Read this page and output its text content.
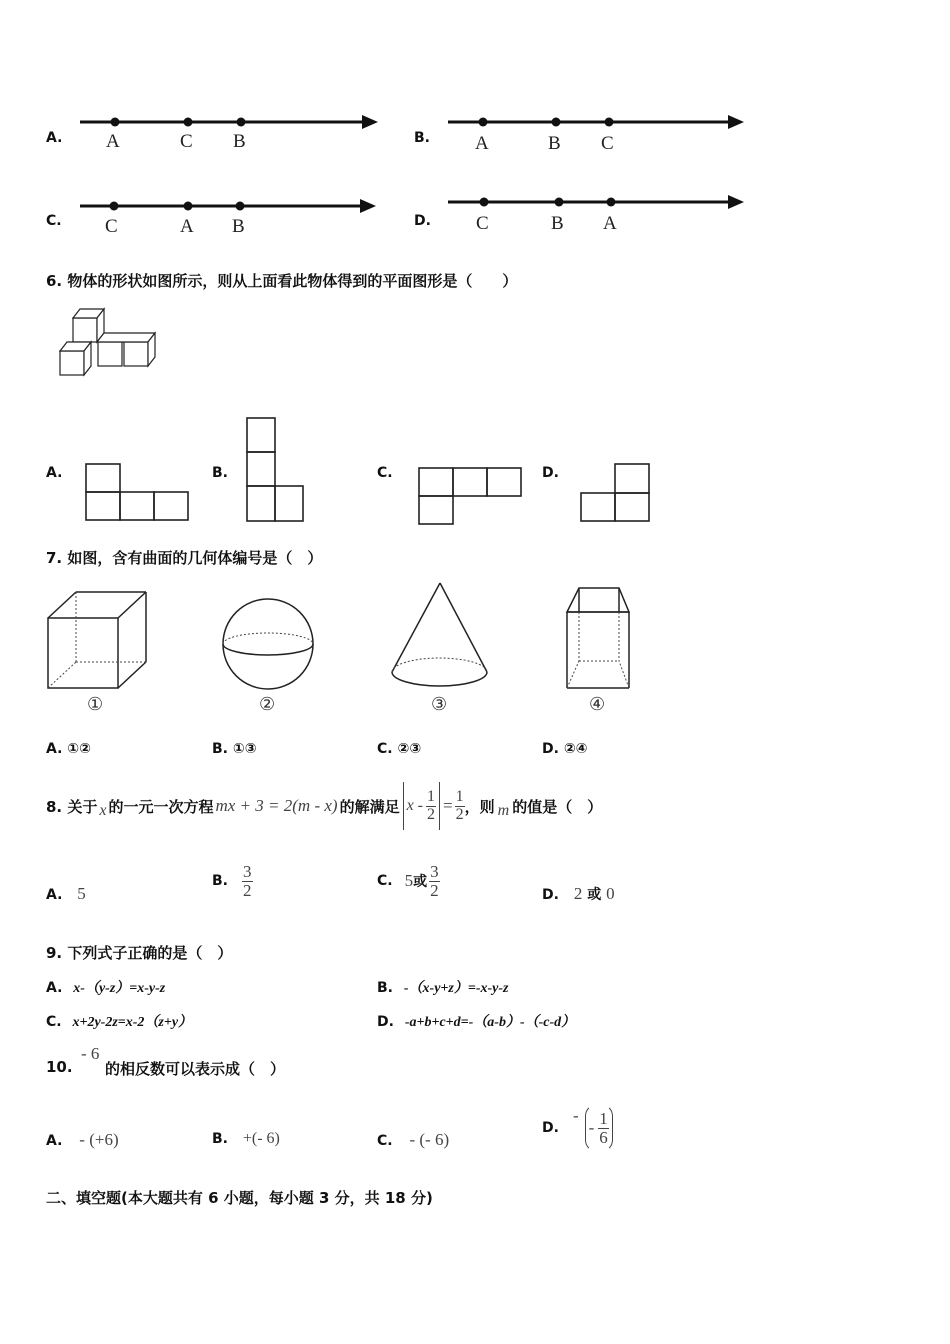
A. A	C B	B. A	B C
C. C	A B	D. C	B A
6. 物体的形状如图所示，则从上面看此物体得到的平面图形是（　　）
A.	B.	C.	D.
7. 如图，含有曲面的几何体编号是（　）
①	②	③	④
A. ①②	B. ①③	C. ②③	D. ②④
8. 关于 x 的一元一次方程 mx + 3 = 2(m - x) 的解满足 $x - \frac{1}{2} = \frac{1}{2}$ ，则 m 的值是（　）
A. 5
B. $\frac{3}{2}$	C. 5 或 $\frac{3}{2}$	D. 2 或 0
9. 下列式子正确的是（　）
A. x-（y-z）=x-y-z	B. -（x-y+z）=-x-y-z
C. x+2y-2z=x-2（z+y）	D. -a+b+c+d=-（a-b）-（-c-d）
10.
- 6
的相反数可以表示成（　）
A. - (+6)	B. +(- 6)	C. - (- 6)
D.
-
- $\frac{1}{6}$
二、填空题(本大题共有 6 小题，每小题 3 分，共 18 分)
